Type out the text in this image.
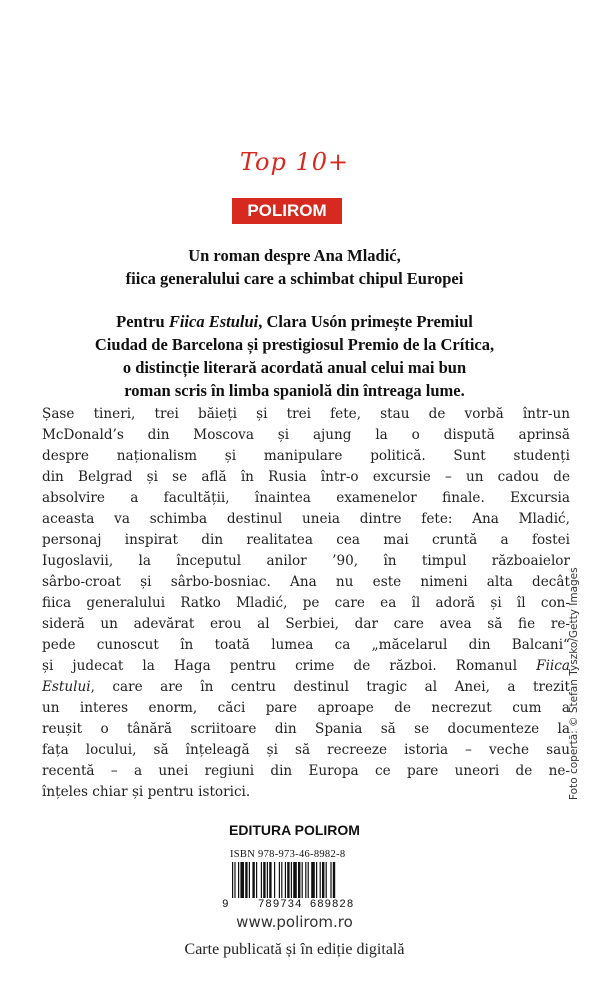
Top 10+
POLIROM
Un roman despre Ana Mladić,
fiica generalului care a schimbat chipul Europei
Pentru Fiica Estului, Clara Usón primește Premiul
Ciudad de Barcelona și prestigiosul Premio de la Crítica,
o distincție literară acordată anual celui mai bun
roman scris în limba spaniolă din întreaga lume.
Șase tineri, trei băieți și trei fete, stau de vorbă într-un
McDonald’s din Moscova și ajung la o dispută aprinsă
despre naționalism și manipulare politică. Sunt studenți
din Belgrad și se află în Rusia într-o excursie – un cadou de
absolvire a facultății, înaintea examenelor finale. Excursia
aceasta va schimba destinul uneia dintre fete: Ana Mladić,
personaj inspirat din realitatea cea mai cruntă a fostei
Iugoslavii, la începutul anilor ’90, în timpul războaielor
sârbo-croat și sârbo-bosniac. Ana nu este nimeni alta decât
fiica generalului Ratko Mladić, pe care ea îl adoră și îl con-
sideră un adevărat erou al Serbiei, dar care avea să fie re-
pede cunoscut în toată lumea ca „măcelarul din Balcani“
și judecat la Haga pentru crime de război. Romanul Fiica
Estului, care are în centru destinul tragic al Anei, a trezit
un interes enorm, căci pare aproape de necrezut cum a
reușit o tânără scriitoare din Spania să se documenteze la
fața locului, să înțeleagă și să recreeze istoria – veche sau
recentă – a unei regiuni din Europa ce pare uneori de ne-
înțeles chiar și pentru istorici.	Foto copertă: © Stefan Tyszko/Getty Images
EDITURA POLIROM
ISBN 978-973-46-8982-8
9	789734 689828
www.polirom.ro
Carte publicată și în ediție digitală
